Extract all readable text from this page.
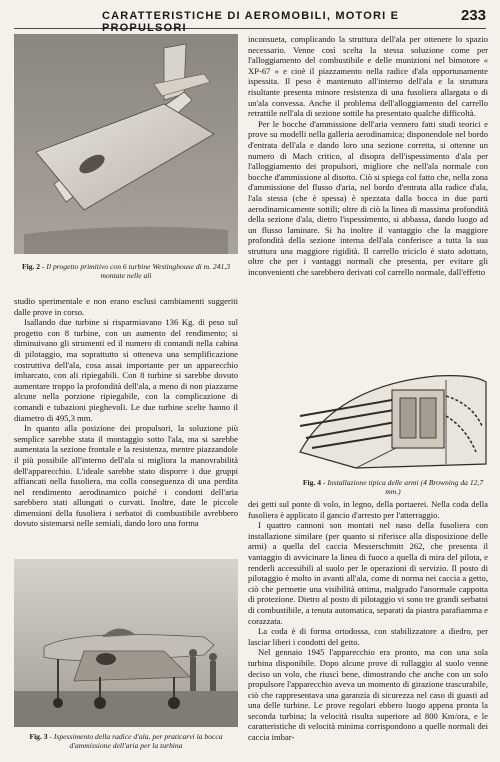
CARATTERISTICHE DI AEROMOBILI, MOTORI E PROPULSORI
233
Fig. 2 - Il progetto primitivo con 6 turbine Westinghouse di m. 241,3 montate nelle ali

studio sperimentale e non erano esclusi cambiamenti suggeriti dalle prove in corso.

Isallando due turbine si risparmiavano 136 Kg. di peso sul progetto con 8 turbine, con un aumento del rendimento; si diminuivano gli strumenti ed il numero di comandi nella cabina di pilotaggio, ma soprattutto si otteneva una semplificazione costruttiva dell'ala, cosa assai importante per un apparecchio imbarcato, con ali ripiegabili. Con 8 turbine si sarebbe dovuto aumentare troppo la profondità dell'ala, a meno di non piazzarne alcune nella porzione ripiegabile, con la complicazione di comandi e tubazioni pieghevoli. Le due turbine scelte hanno il diametro di 495,3 mm.

In quanto alla posizione dei propulsori, la soluzione più semplice sarebbe stata il montaggio sotto l'ala, ma si sarebbe aumentata la sezione frontale e la resistenza, mentre piazzandole il più possibile all'interno dell'ala si migliora la manovrabilità dell'apparecchio. L'ideale sarebbe stato disporre i due gruppi affiancati nella fusoliera, ma colla conseguenza di una perdita nel rendimento aerodinamico poiché i condotti dell'aria sarebbero stati allungati o curvati. Inoltre, date le piccole dimensioni della fusoliera i serbatoi di combustibile avrebbero dovuto sistemarsi nelle semiali, dando loro una forma

Fig. 3 - Ispessimento della radice d'ala, per praticarvi la bocca d'ammissione dell'aria per la turbina

inconsueta, complicando la struttura dell'ala per ottenere lo spazio necessario. Venne così scelta la stessa soluzione come per l'alloggiamento del combustibile e delle munizioni nel bimotore « XP-67 » e cioè il piazzamento nella radice d'ala opportunamente ispessita. Il peso è mantenuto all'interno dell'ala e la struttura risultante presenta minore resistenza di una fusoliera allargata o di un'ala convessa. Anche il problema dell'alloggiamento del carrello retrattile nell'ala di sezione sottile ha presentato qualche difficoltà.

Per le bocche d'ammissione dell'aria vennero fatti studi teorici e prove su modelli nella galleria aerodinamica; disponendole nel bordo d'entrata dell'ala e dando loro una sezione corretta, si ottenne un numero di Mach critico, al disopra dell'ispessimento d'ala per l'alloggiamento dei propulsori, migliore che nell'ala normale con bocche d'ammissione al disotto. Ciò si spiega col fatto che, nella zona d'ammissione del flusso d'aria, nel bordo d'entrata alla radice d'ala, l'ala stessa (che è spessa) è spezzata dalla bocca in due parti aerodinamicamente sottili; oltre di ciò la linea di massima profondità della sezione d'ala, dietro l'ispessimento, si abbassa, dando luogo ad un flusso laminare. Si ha inoltre il vantaggio che la maggiore profondità della sezione interna dell'ala conferisce a tutta la sua struttura una maggiore rigidità. Il carrello triciclo è stato adottato, oltre che per i vantaggi normali che presenta, per evitare gli inconvenienti che sarebbero derivati col carrello normale, dall'effetto

Fig. 4 - Installazione tipica delle armi (4 Browning da 12,7 mm.)

dei getti sul ponte di volo, in legno, della portaerei. Nella coda della fusoliera è applicato il gancio d'arresto per l'atterraggio.

I quattro cannoni son montati nel naso della fusoliera con installazione similare (per quanto si riferisce alla disposizione delle armi) a quella del caccia Messerschmitt 262, che presenta il vantaggio di avvicinare la linea di fuoco a quella di mira del pilota, e renderli accessibili al suolo per le operazioni di servizio. Il posto di pilotaggio è molto in avanti all'ala, come di norma nei caccia a getto, ciò che permette una visibilità ottima, malgrado l'anormale cappotta di protezione. Dietro al posto di pilotaggio vi sono tre grandi serbatoi di combustibile, a tenuta automatica, separati da piastra parafiamma e corazzata.

La coda è di forma ortodossa, con stabilizzatore a diedro, per lasciar liberi i condotti del getto.

Nel gennaio 1945 l'apparecchio era pronto, ma con una sola turbina disponibile. Dopo alcune prove di rullaggio al suolo venne deciso un volo, che riuscì bene, dimostrando che anche con un solo propulsore l'apparecchio aveva un momento di girazione trascurabile, ciò che rappresentava una garanzia di sicurezza nel caso di guasti ad una delle turbine. Le prove regolari ebbero luogo appena pronta la seconda turbina; la velocità risulta superiore ad 800 Km/ora, e le caratteristiche di velocità minima corrispondono a quelle normali dei caccia imbar-
